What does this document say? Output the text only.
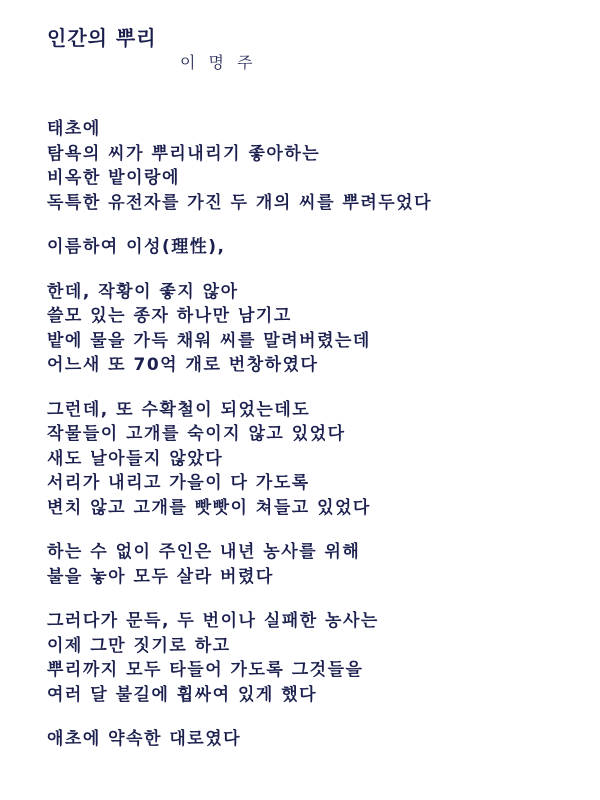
인간의 뿌리
이 명 주
태초에
탐욕의 씨가 뿌리내리기 좋아하는
비옥한 밭이랑에
독특한 유전자를 가진 두 개의 씨를 뿌려두었다
이름하여 이성(理性),
한데, 작황이 좋지 않아
쓸모 있는 종자 하나만 남기고
밭에 물을 가득 채워 씨를 말려버렸는데
어느새 또 70억 개로 번창하였다
그런데, 또 수확철이 되었는데도
작물들이 고개를 숙이지 않고 있었다
새도 날아들지 않았다
서리가 내리고 가을이 다 가도록
변치 않고 고개를 빳빳이 쳐들고 있었다
하는 수 없이 주인은 내년 농사를 위해
불을 놓아 모두 살라 버렸다
그러다가 문득, 두 번이나 실패한 농사는
이제 그만 짓기로 하고
뿌리까지 모두 타들어 가도록 그것들을
여러 달 불길에 휩싸여 있게 했다
애초에 약속한 대로였다
